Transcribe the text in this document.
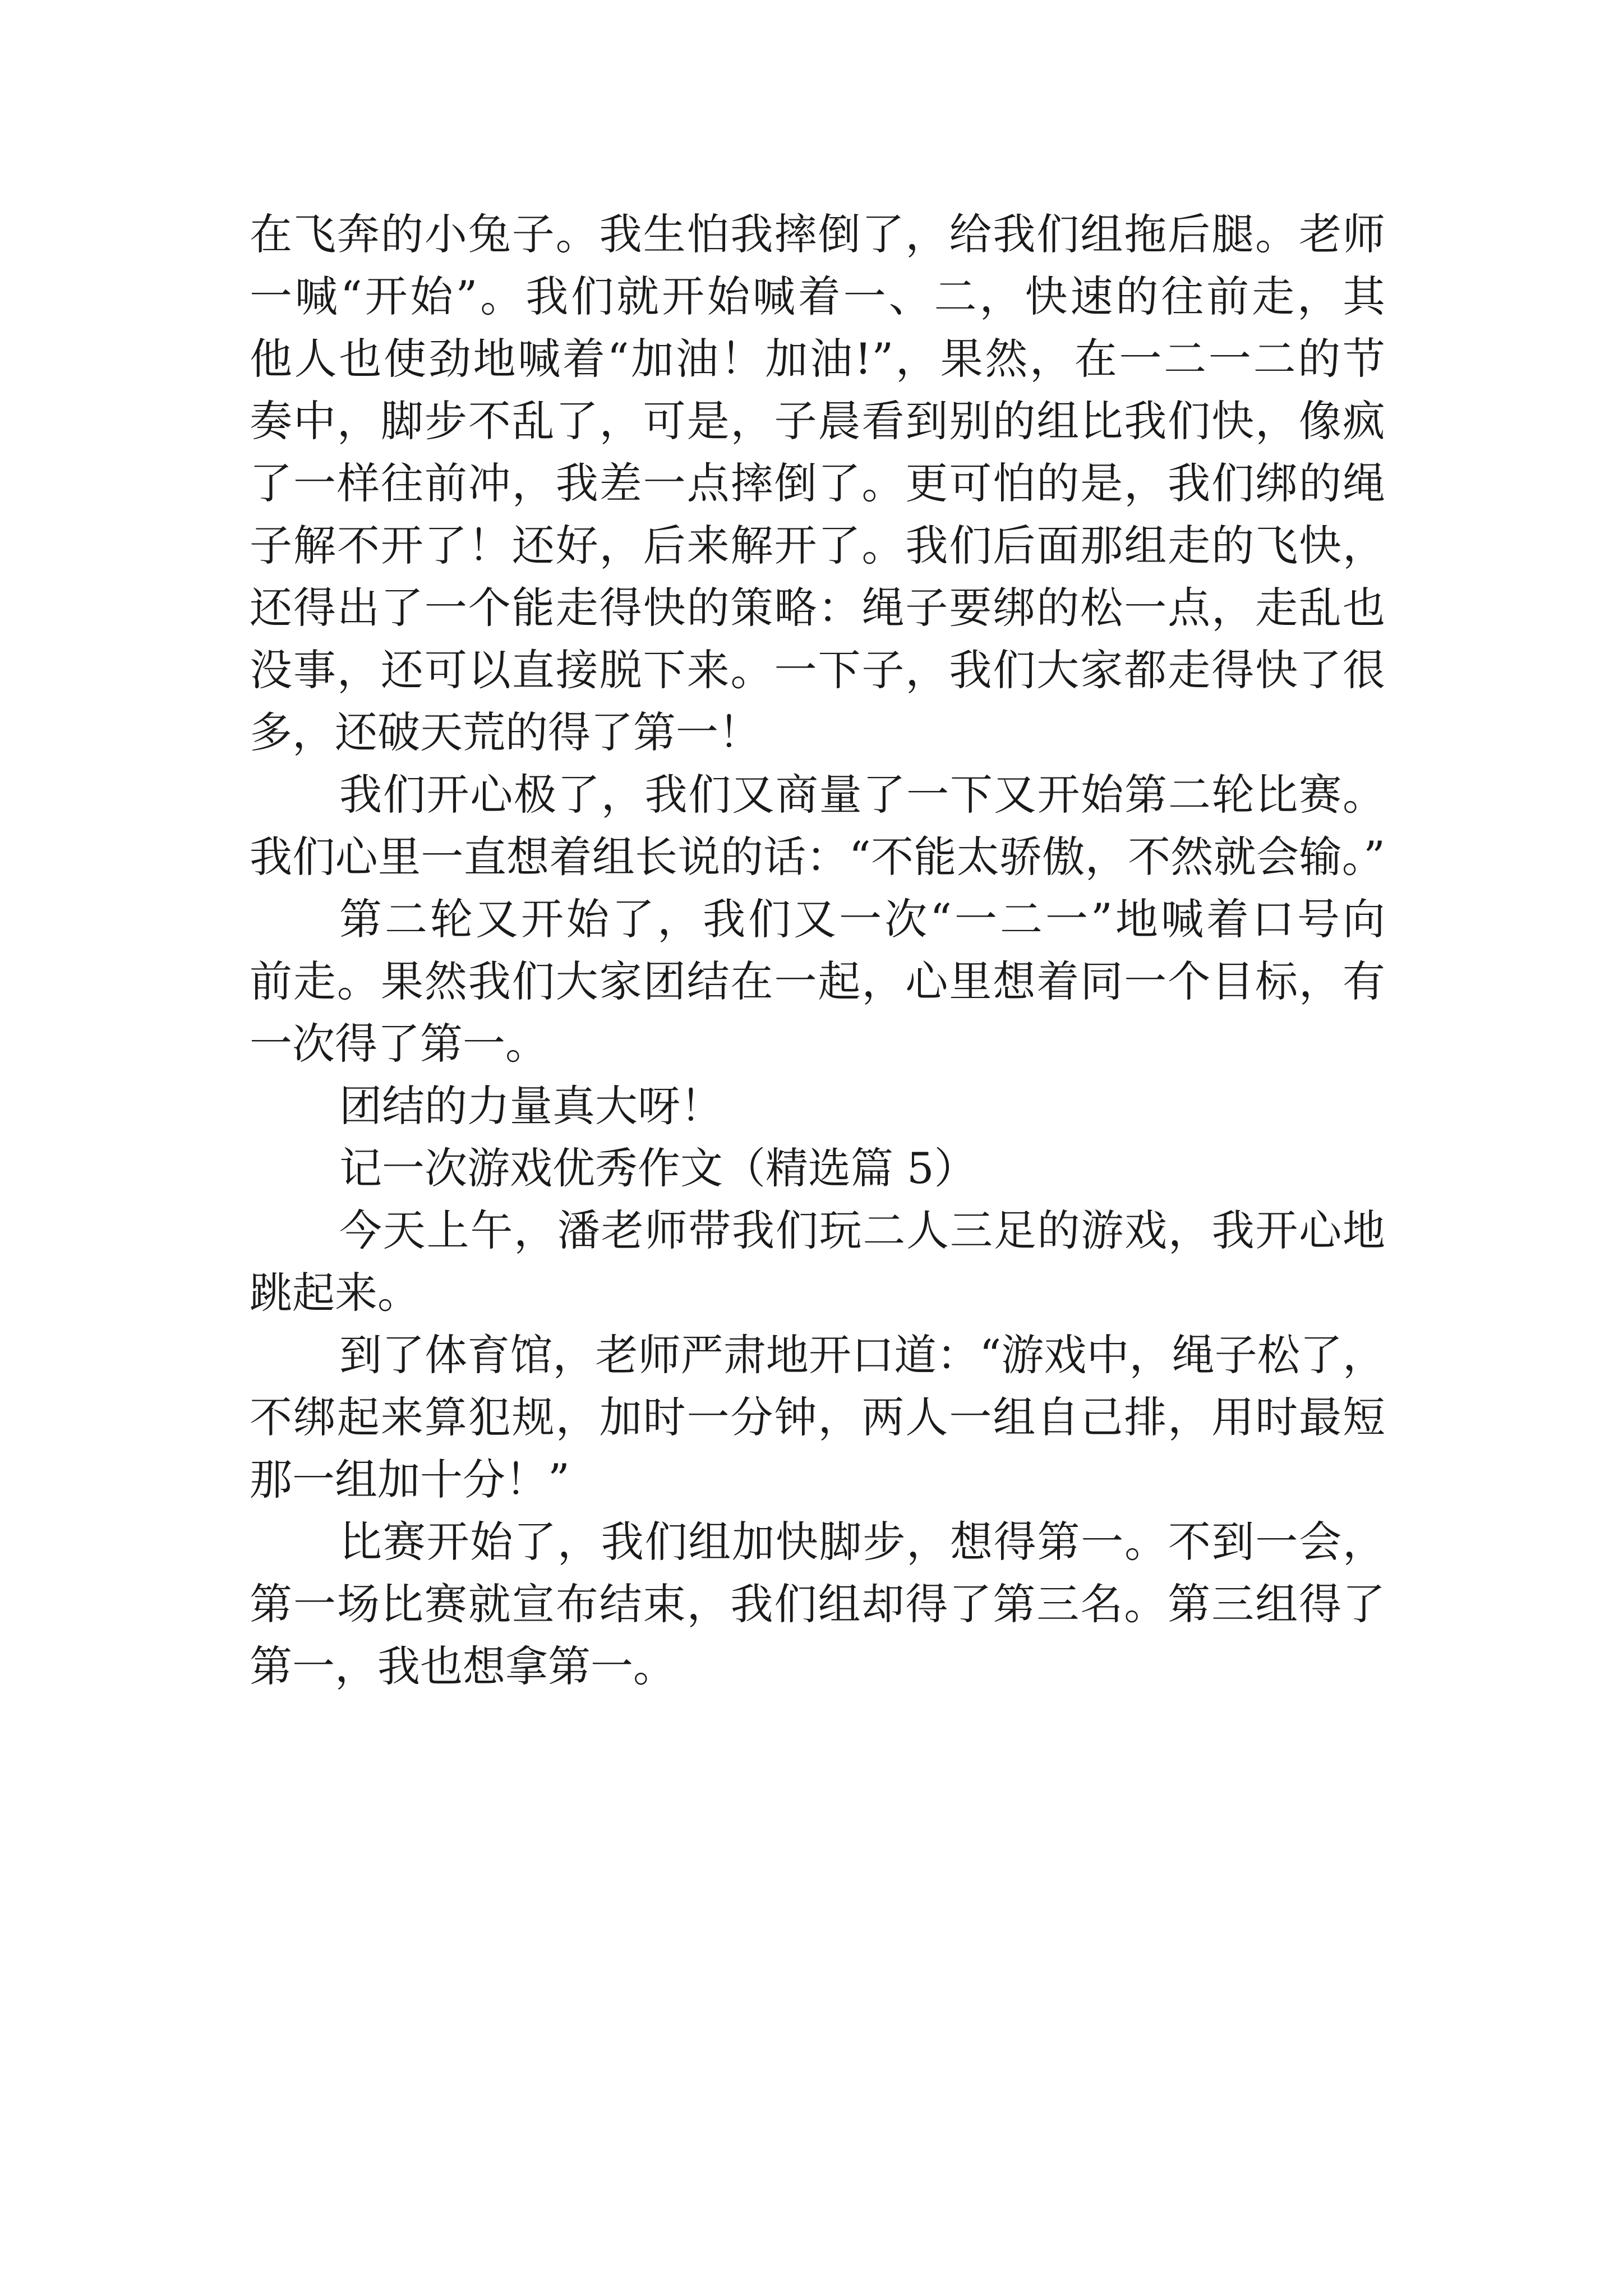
在飞奔的小兔子。我生怕我摔倒了，给我们组拖后腿。老师
一喊“开始”。我们就开始喊着一、二，快速的往前走，其
他人也使劲地喊着“加油！加油!”，果然，在一二一二的节
奏中，脚步不乱了，可是，子晨看到别的组比我们快，像疯
了一样往前冲，我差一点摔倒了。更可怕的是，我们绑的绳
子解不开了！还好，后来解开了。我们后面那组走的飞快，
还得出了一个能走得快的策略：绳子要绑的松一点，走乱也
没事，还可以直接脱下来。一下子，我们大家都走得快了很
多，还破天荒的得了第一！
我们开心极了，我们又商量了一下又开始第二轮比赛。
我们心里一直想着组长说的话：“不能太骄傲，不然就会输。”
第二轮又开始了，我们又一次“一二一”地喊着口号向
前走。果然我们大家团结在一起，心里想着同一个目标，有
一次得了第一。
团结的力量真大呀！
记一次游戏优秀作文（精选篇 5）
今天上午，潘老师带我们玩二人三足的游戏，我开心地
跳起来。
到了体育馆，老师严肃地开口道：“游戏中，绳子松了，
不绑起来算犯规，加时一分钟，两人一组自己排，用时最短
那一组加十分！”
比赛开始了，我们组加快脚步，想得第一。不到一会，
第一场比赛就宣布结束，我们组却得了第三名。第三组得了
第一，我也想拿第一。
